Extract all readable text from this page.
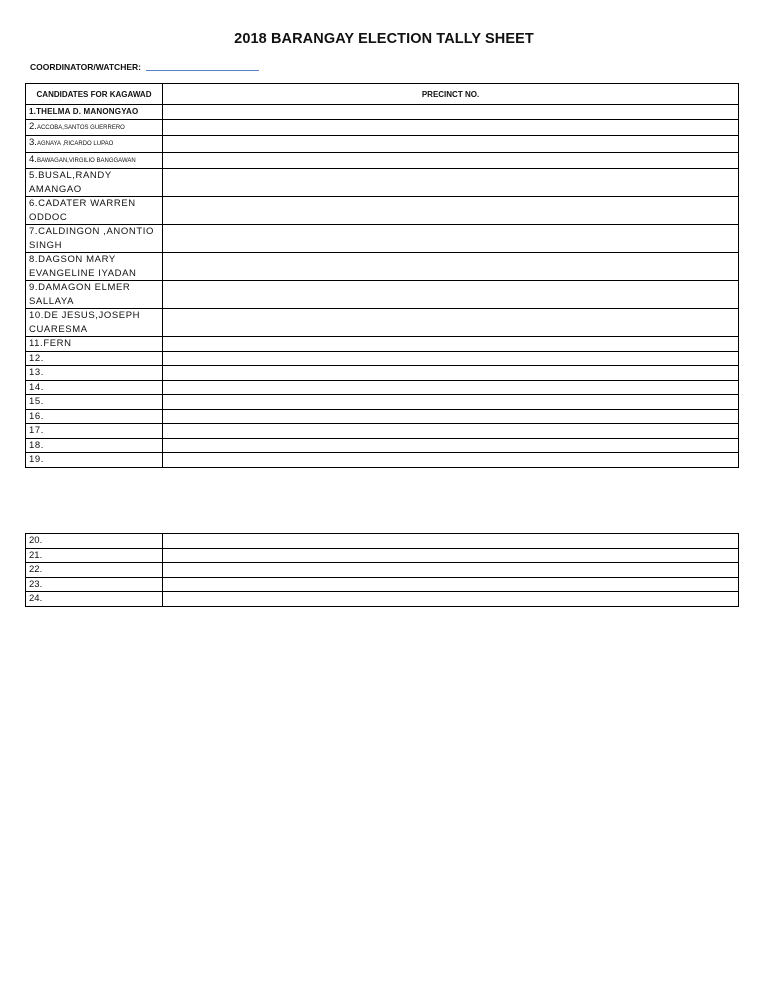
2018 BARANGAY ELECTION TALLY SHEET
COORDINATOR/WATCHER:
CANDIDATES FOR KAGAWAD	PRECINCT NO.
1.THELMA D. MANONGYAO	
2.ACCOBA,SANTOS GUERRERO	
3.AGNAYA ,RICARDO LUPAO	
4.BAWAGAN,VIRGILIO BANGGAWAN	
5.BUSAL,RANDY AMANGAO	
6.CADATER WARREN ODDOC	
7.CALDINGON ,ANONTIO SINGH	
8.DAGSON MARY EVANGELINE IYADAN	
9.DAMAGON ELMER SALLAYA	
10.DE JESUS,JOSEPH CUARESMA	
11.FERN	
12.	
13.	
14.	
15.	
16.	
17.	
18.	
19.	
20.	
21.	
22.	
23.	
24.	
